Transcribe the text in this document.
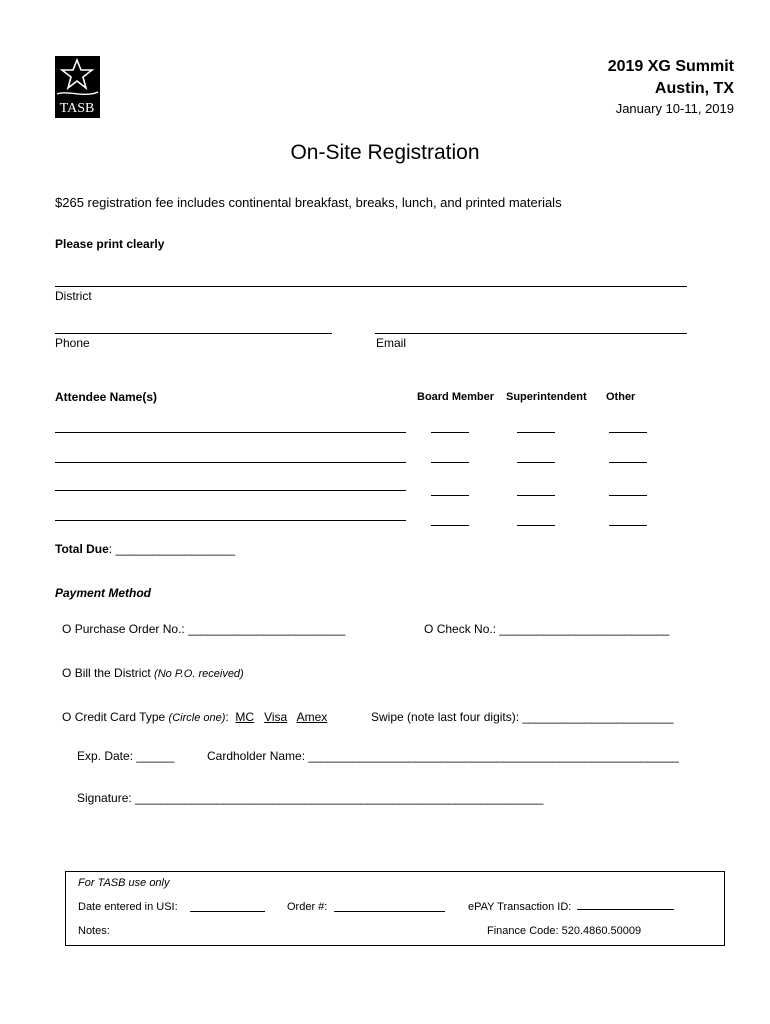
TASB
2019 XG Summit
Austin, TX
January 10-11, 2019
On-Site Registration
$265 registration fee includes continental breakfast, breaks, lunch, and printed materials
Please print clearly
District
Phone	Email
Attendee Name(s)	Board Member Superintendent Other
Total Due: ___________________
Payment Method
O Purchase Order No.: _________________________	O Check No.: ___________________________
O Bill the District (No P.O. received)
O Credit Card Type (Circle one): MC Visa Amex	Swipe (note last four digits): ________________________
Exp. Date: ______	Cardholder Name: ___________________________________________________________
Signature: _________________________________________________________________
For TASB use only
Date entered in USI:	Order #:	ePAY Transaction ID:
Notes:	Finance Code: 520.4860.50009
